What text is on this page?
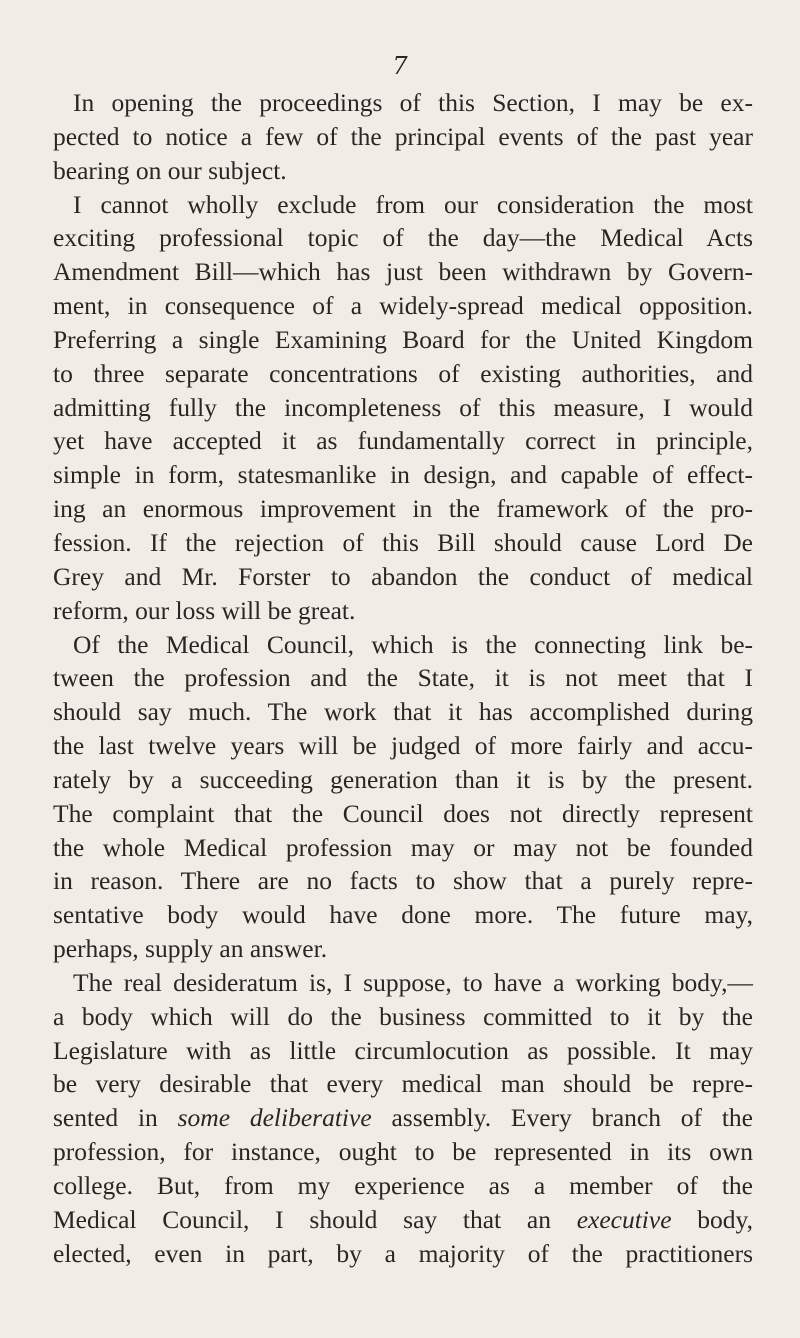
7
In opening the proceedings of this Section, I may be ex-
pected to notice a few of the principal events of the past year
bearing on our subject.
I cannot wholly exclude from our consideration the most
exciting professional topic of the day—the Medical Acts
Amendment Bill—which has just been withdrawn by Govern-
ment, in consequence of a widely-spread medical opposition.
Preferring a single Examining Board for the United Kingdom
to three separate concentrations of existing authorities, and
admitting fully the incompleteness of this measure, I would
yet have accepted it as fundamentally correct in principle,
simple in form, statesmanlike in design, and capable of effect-
ing an enormous improvement in the framework of the pro-
fession. If the rejection of this Bill should cause Lord De
Grey and Mr. Forster to abandon the conduct of medical
reform, our loss will be great.
Of the Medical Council, which is the connecting link be-
tween the profession and the State, it is not meet that I
should say much. The work that it has accomplished during
the last twelve years will be judged of more fairly and accu-
rately by a succeeding generation than it is by the present.
The complaint that the Council does not directly represent
the whole Medical profession may or may not be founded
in reason. There are no facts to show that a purely repre-
sentative body would have done more. The future may,
perhaps, supply an answer.
The real desideratum is, I suppose, to have a working body,—
a body which will do the business committed to it by the
Legislature with as little circumlocution as possible. It may
be very desirable that every medical man should be repre-
sented in some deliberative assembly. Every branch of the
profession, for instance, ought to be represented in its own
college. But, from my experience as a member of the
Medical Council, I should say that an executive body,
elected, even in part, by a majority of the practitioners
